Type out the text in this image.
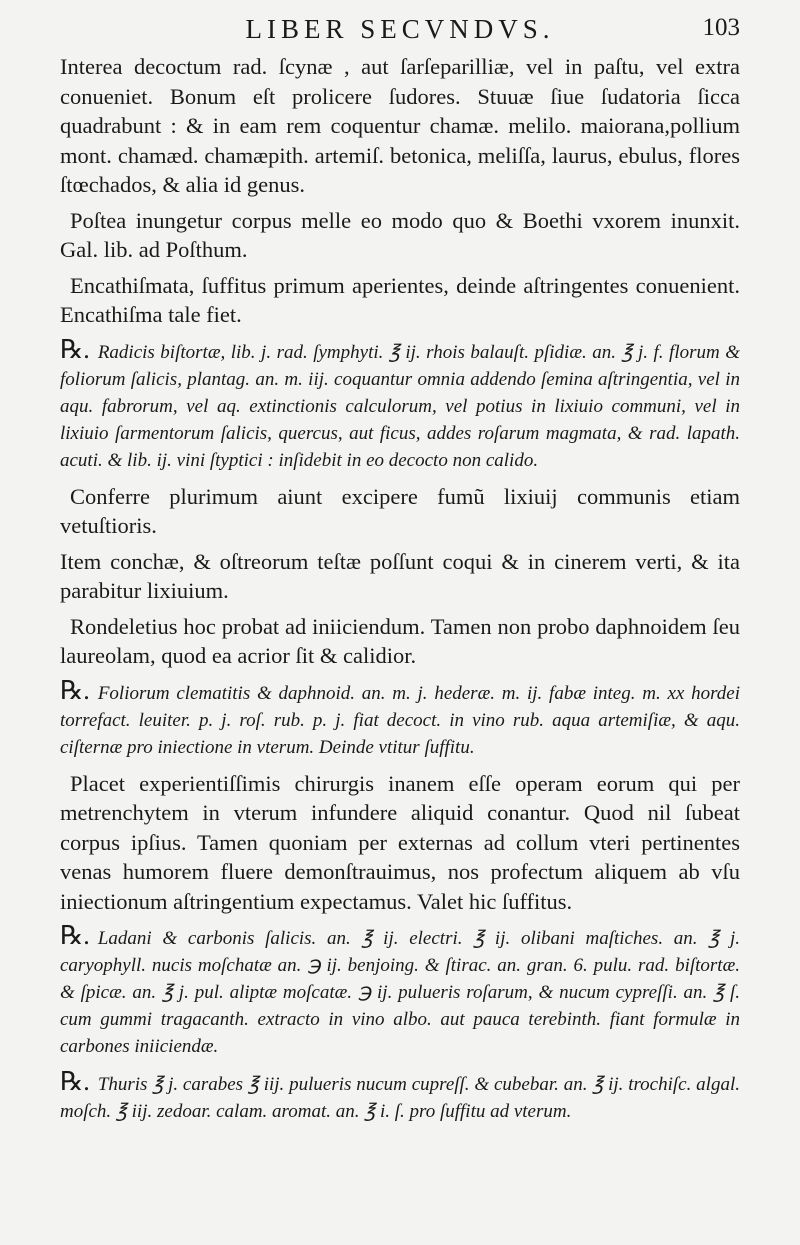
LIBER SECVNDVS.	103

Interea decoctum rad. ſcynæ , aut ſarſeparilliæ, vel in paſtu, vel extra conueniet. Bonum eſt prolicere ſudores. Stuuæ ſiue ſudatoria ſicca quadrabunt : & in eam rem coquentur chamæ. melilo. maiorana,pollium mont. chamæd. chamæpith. artemiſ. betonica, meliſſa, laurus, ebulus, flores ſtœchados, & alia id genus.

Poſtea inungetur corpus melle eo modo quo & Boethi vxorem inunxit. Gal. lib. ad Poſthum.

Encathiſmata, ſuffitus primum aperientes, deinde aſtringentes conuenient. Encathiſma tale fiet.

℞. Radicis biſtortæ, lib. j. rad. ſymphyti. ℥ ij. rhois balauſt. pſidiæ. an. ℥ j. f. florum & foliorum ſalicis, plantag. an. m. iij. coquantur omnia addendo ſemina aſtringentia, vel in aqu. fabrorum, vel aq. extinctionis calculorum, vel potius in lixiuio communi, vel in lixiuio ſarmentorum ſalicis, quercus, aut ficus, addes roſarum magmata, & rad. lapath. acuti. & lib. ij. vini ſtyptici : inſidebit in eo decocto non calido.

Conferre plurimum aiunt excipere fumũ lixiuij communis etiam vetuſtioris.

Item conchæ, & oſtreorum teſtæ poſſunt coqui & in cinerem verti, & ita parabitur lixiuium.

Rondeletius hoc probat ad iniiciendum. Tamen non probo daphnoidem ſeu laureolam, quod ea acrior ſit & calidior.

℞. Foliorum clematitis & daphnoid. an. m. j. hederæ. m. ij. fabæ integ. m. xx hordei torrefact. leuiter. p. j. roſ. rub. p. j. fiat decoct. in vino rub. aqua artemiſiæ, & aqu. ciſternæ pro iniectione in vterum. Deinde vtitur ſuffitu.

Placet experientiſſimis chirurgis inanem eſſe operam eorum qui per metrenchytem in vterum infundere aliquid conantur. Quod nil ſubeat corpus ipſius. Tamen quoniam per externas ad collum vteri pertinentes venas humorem fluere demonſtrauimus, nos profectum aliquem ab vſu iniectionum aſtringentium expectamus. Valet hic ſuffitus.

℞. Ladani & carbonis ſalicis. an. ℥ ij. electri. ℥ ij. olibani maſtiches. an. ℥ j. caryophyll. nucis moſchatæ an. ℈ ij. benjoing. & ſtirac. an. gran. 6. pulu. rad. biſtortæ. & ſpicæ. an. ℥ j. pul. aliptæ moſcatæ. ℈ ij. pulueris roſarum, & nucum cypreſſi. an. ℥ ſ. cum gummi tragacanth. extracto in vino albo. aut pauca terebinth. fiant formulæ in carbones iniiciendæ.

℞. Thuris ℥ j. carabes ℥ iij. pulueris nucum cupreſſ. & cubebar. an. ℥ ij. trochiſc. algal. moſch. ℥ iij. zedoar. calam. aromat. an. ℥ i. ſ. pro ſuffitu ad vterum.
